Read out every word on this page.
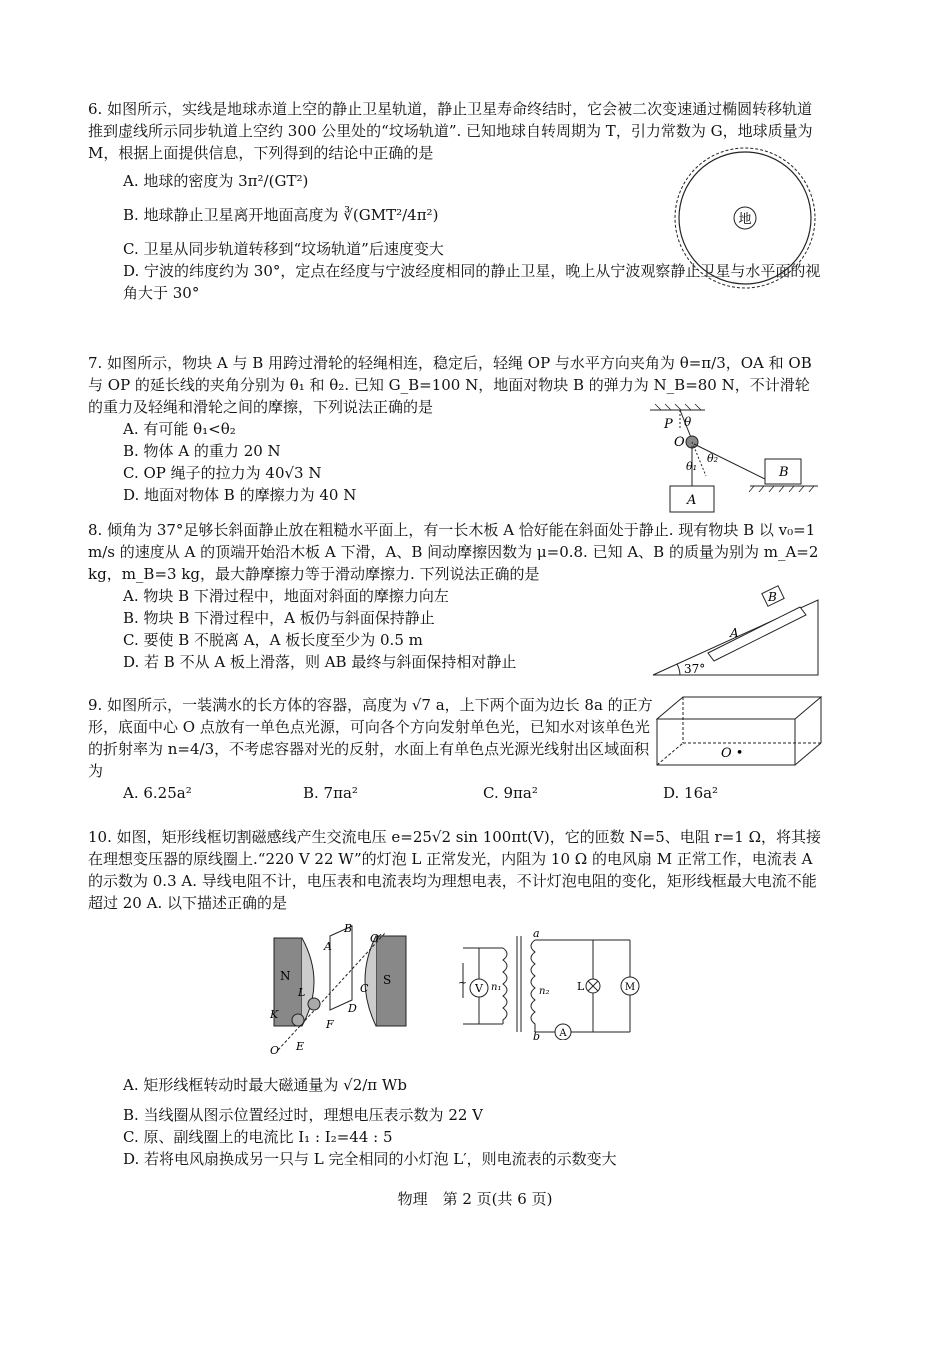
6. 如图所示，实线是地球赤道上空的静止卫星轨道，静止卫星寿命终结时，它会被二次变速通过椭圆转移轨道推到虚线所示同步轨道上空约 300 公里处的“坟场轨道”. 已知地球自转周期为 T，引力常数为 G，地球质量为 M，根据上面提供信息，下列得到的结论中正确的是
A. 地球的密度为 3π²/(GT²)
B. 地球静止卫星离开地面高度为 ∛(GMT²/4π²)
C. 卫星从同步轨道转移到“坟场轨道”后速度变大
D. 宁波的纬度约为 30°，定点在经度与宁波经度相同的静止卫星，晚上从宁波观察静止卫星与水平面的视角大于 30°
地
7. 如图所示，物块 A 与 B 用跨过滑轮的轻绳相连，稳定后，轻绳 OP 与水平方向夹角为 θ=π/3，OA 和 OB 与 OP 的延长线的夹角分别为 θ₁ 和 θ₂. 已知 G_B=100 N，地面对物块 B 的弹力为 N_B=80 N，不计滑轮的重力及轻绳和滑轮之间的摩擦，下列说法正确的是
A. 有可能 θ₁<θ₂
B. 物体 A 的重力 20 N
C. OP 绳子的拉力为 40√3 N
D. 地面对物体 B 的摩擦力为 40 N
P θ
O
θ₁
θ₂
A
B
8. 倾角为 37°足够长斜面静止放在粗糙水平面上，有一长木板 A 恰好能在斜面处于静止. 现有物块 B 以 v₀=1 m/s 的速度从 A 的顶端开始沿木板 A 下滑，A、B 间动摩擦因数为 μ=0.8. 已知 A、B 的质量为别为 m_A=2 kg，m_B=3 kg，最大静摩擦力等于滑动摩擦力. 下列说法正确的是
A. 物块 B 下滑过程中，地面对斜面的摩擦力向左
B. 物块 B 下滑过程中，A 板仍与斜面保持静止
C. 要使 B 不脱离 A，A 板长度至少为 0.5 m
D. 若 B 不从 A 板上滑落，则 AB 最终与斜面保持相对静止	37°
A
B
9. 如图所示，一装满水的长方体的容器，高度为 √7 a，上下两个面为边长 8a 的正方形，底面中心 O 点放有一单色点光源，可向各个方向发射单色光，已知水对该单色光的折射率为 n=4/3，不考虑容器对光的反射，水面上有单色点光源光线射出区域面积为
A. 6.25a²	B. 7πa²	C. 9πa²	D. 16a²
O •
10. 如图，矩形线框切割磁感线产生交流电压 e=25√2 sin 100πt(V)，它的匝数 N=5、电阻 r=1 Ω，将其接在理想变压器的原线圈上.“220 V 22 W”的灯泡 L 正常发光，内阻为 10 Ω 的电风扇 M 正常工作，电流表 A 的示数为 0.3 A. 导线电阻不计，电压表和电流表均为理想电表，不计灯泡电阻的变化，矩形线框最大电流不能超过 20 A. 以下描述正确的是
N	S
A
B
C
D
E
F
K
L
O
O′
~ V n₁	n₂
a
b A
L	M
A. 矩形线框转动时最大磁通量为 √2/π Wb
B. 当线圈从图示位置经过时，理想电压表示数为 22 V
C. 原、副线圈上的电流比 I₁ : I₂=44 : 5
D. 若将电风扇换成另一只与 L 完全相同的小灯泡 L′，则电流表的示数变大
物理　第 2 页(共 6 页)
